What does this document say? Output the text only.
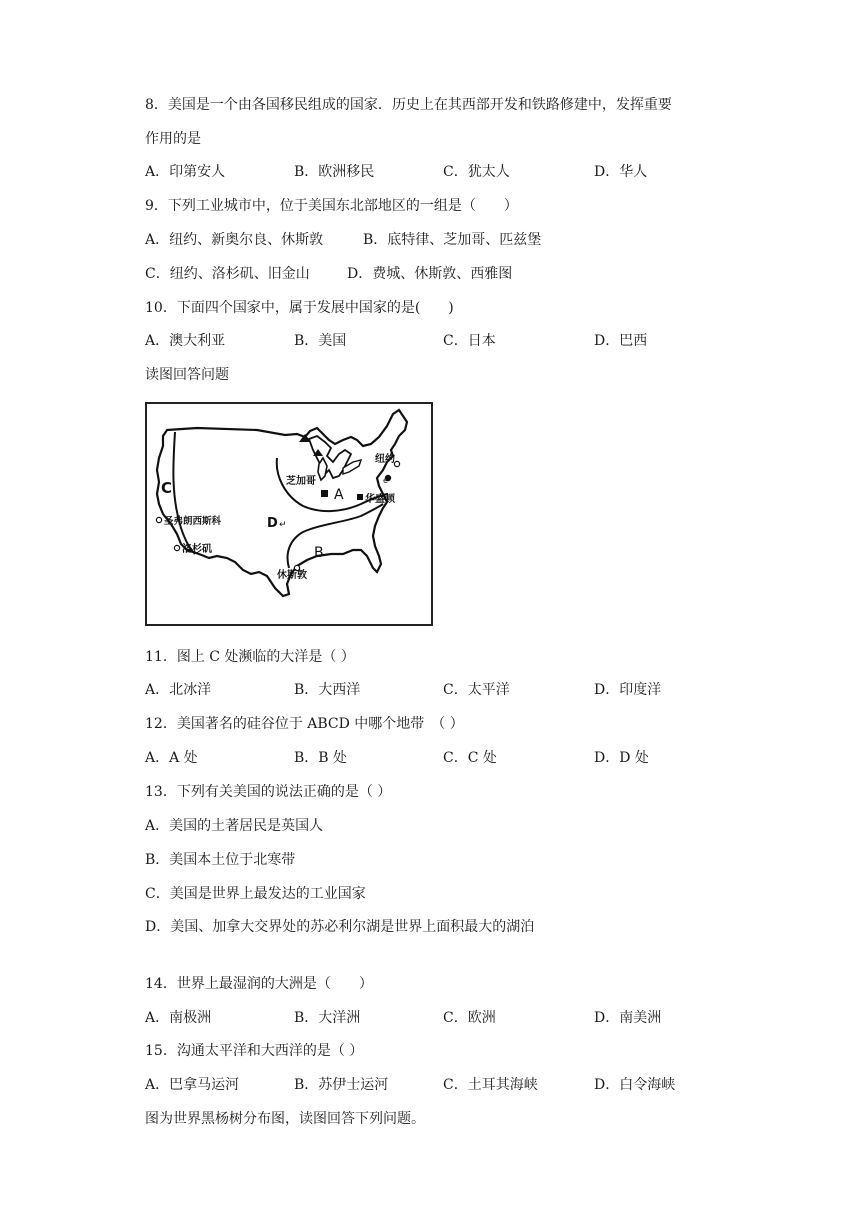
8．美国是一个由各国移民组成的国家．历史上在其西部开发和铁路修建中，发挥重要
作用的是
A．印第安人	B．欧洲移民	C．犹太人	D．华人
9．下列工业城市中，位于美国东北部地区的一组是（　　）
A．纽约、新奥尔良、休斯敦	B．底特律、芝加哥、匹兹堡
C．纽约、洛杉矶、旧金山	D．费城、休斯敦、西雅图
10．下面四个国家中，属于发展中国家的是(　　)
A．澳大利亚	B．美国	C．日本	D．巴西
读图回答问题
C	A
B
D ↵
芝加哥
纽约
e
华盛顿
圣弗朗西斯科
洛杉矶
休斯敦
11．图上 C 处濒临的大洋是（ ）
A．北冰洋	B．大西洋	C．太平洋	D．印度洋
12．美国著名的硅谷位于 ABCD 中哪个地带　（ ）
A．A 处	B．B 处	C．C 处	D．D 处
13．下列有关美国的说法正确的是（ ）
A．美国的土著居民是英国人
B．美国本土位于北寒带
C．美国是世界上最发达的工业国家
D．美国、加拿大交界处的苏必利尔湖是世界上面积最大的湖泊
14．世界上最湿润的大洲是（　　）
A．南极洲	B．大洋洲	C．欧洲	D．南美洲
15．沟通太平洋和大西洋的是（ ）
A．巴拿马运河	B．苏伊士运河	C．土耳其海峡	D．白令海峡
图为世界黑杨树分布图，读图回答下列问题。
